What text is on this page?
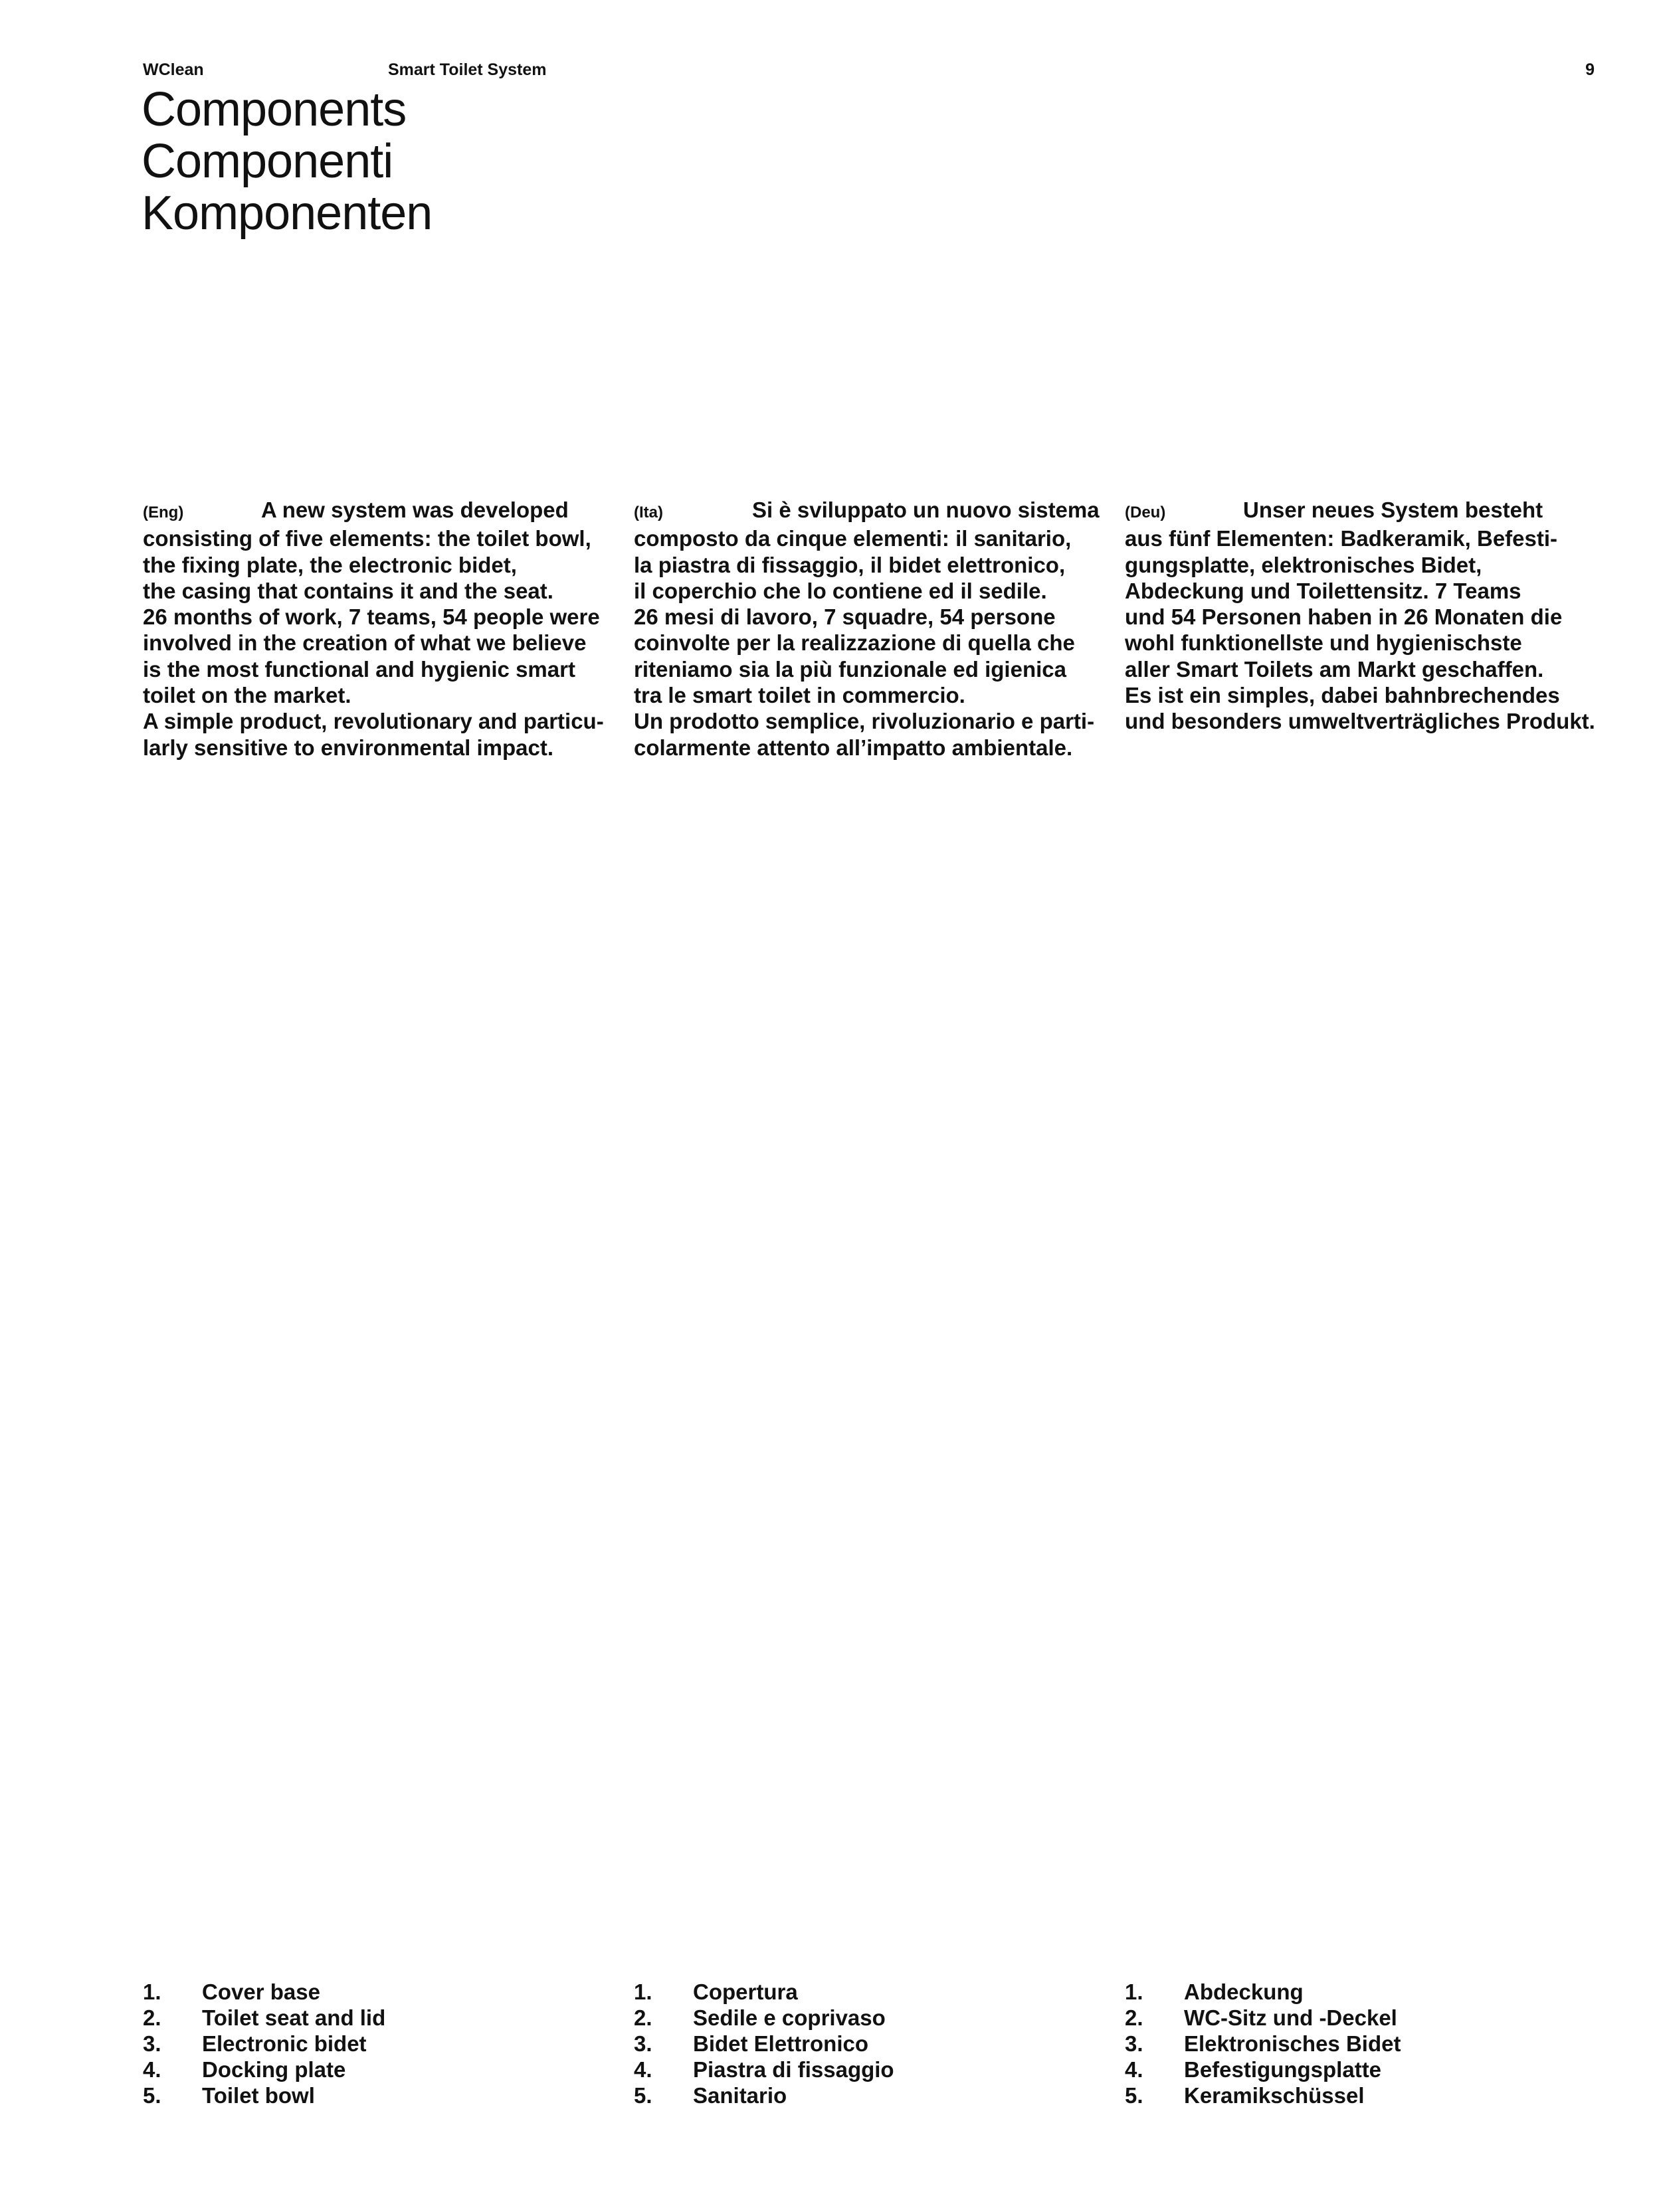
WClean	Smart Toilet System	9
Components
Componenti
Komponenten
(Eng)	A new system was developed
consisting of five elements: the toilet bowl,
the fixing plate, the electronic bidet,
the casing that contains it and the seat.
26 months of work, 7 teams, 54 people were
involved in the creation of what we believe
is the most functional and hygienic smart
toilet on the market.
A simple product, revolutionary and particu-
larly sensitive to environmental impact.
(Ita)	Si è sviluppato un nuovo sistema
composto da cinque elementi: il sanitario,
la piastra di fissaggio, il bidet elettronico,
il coperchio che lo contiene ed il sedile.
26 mesi di lavoro, 7 squadre, 54 persone
coinvolte per la realizzazione di quella che
riteniamo sia la più funzionale ed igienica
tra le smart toilet in commercio.
Un prodotto semplice, rivoluzionario e parti-
colarmente attento all’impatto ambientale.
(Deu)	Unser neues System besteht
aus fünf Elementen: Badkeramik, Befesti-
gungsplatte, elektronisches Bidet,
Abdeckung und Toilettensitz. 7 Teams
und 54 Personen haben in 26 Monaten die
wohl funktionellste und hygienischste
aller Smart Toilets am Markt geschaffen.
Es ist ein simples, dabei bahnbrechendes
und besonders umweltverträgliches Produkt.
1. Cover base
2. Toilet seat and lid
3. Electronic bidet
4. Docking plate
5. Toilet bowl
1. Copertura
2. Sedile e coprivaso
3. Bidet Elettronico
4. Piastra di fissaggio
5. Sanitario
1. Abdeckung
2. WC-Sitz und -Deckel
3. Elektronisches Bidet
4. Befestigungsplatte
5. Keramikschüssel
